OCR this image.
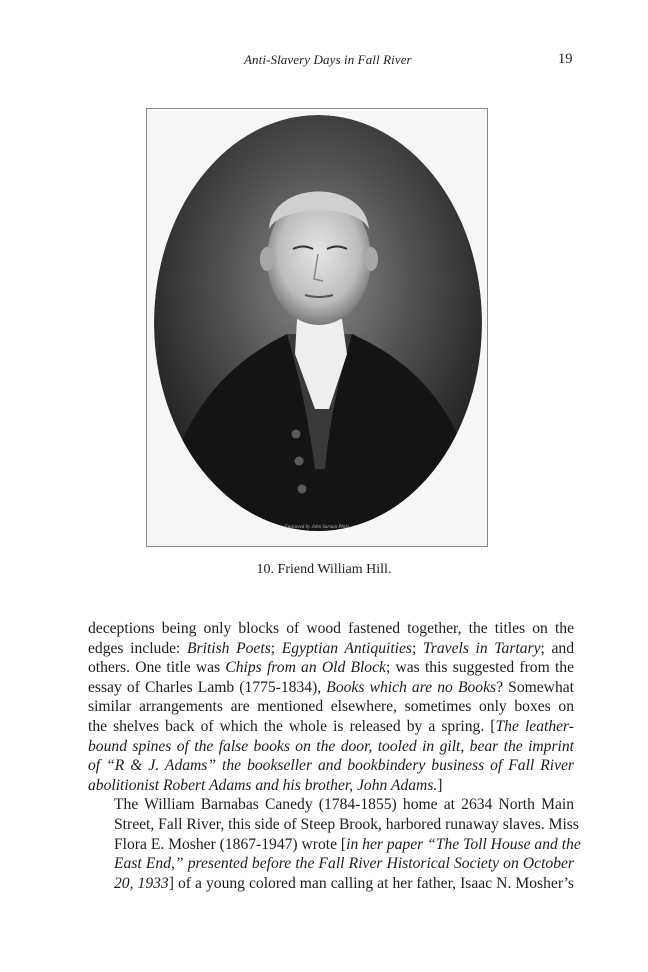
Anti-Slavery Days in Fall River	19
Engraved by John Sartain Phila
10. Friend William Hill.

deceptions being only blocks of wood fastened together, the titles on the
edges include: British Poets; Egyptian Antiquities; Travels in Tartary; and
others. One title was Chips from an Old Block; was this suggested from the
essay of Charles Lamb (1775-1834), Books which are no Books? Somewhat
similar arrangements are mentioned elsewhere, sometimes only boxes on
the shelves back of which the whole is released by a spring. [The leather-
bound spines of the false books on the door, tooled in gilt, bear the imprint
of “R & J. Adams” the bookseller and bookbindery business of Fall River
abolitionist Robert Adams and his brother, John Adams.]

The William Barnabas Canedy (1784-1855) home at 2634 North Main
Street, Fall River, this side of Steep Brook, harbored runaway slaves. Miss
Flora E. Mosher (1867-1947) wrote [in her paper “The Toll House and the
East End,” presented before the Fall River Historical Society on October
20, 1933] of a young colored man calling at her father, Isaac N. Mosher’s
